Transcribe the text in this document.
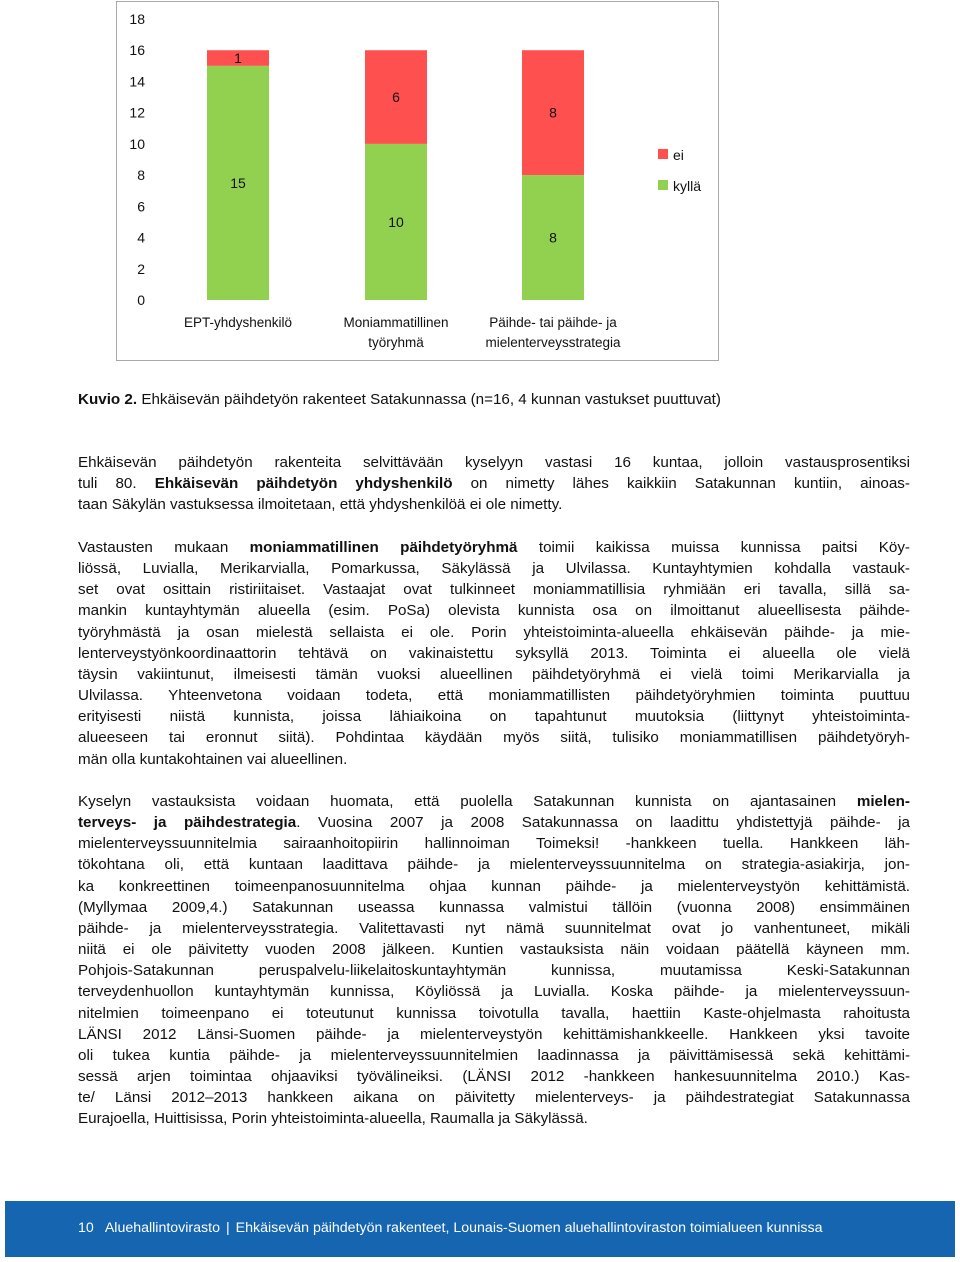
0
2
4
6
8
10
12
14
16
18
15
1
EPT-yhdyshenkilö
10
6
Moniammatillinen
työryhmä
8
8
Päihde- tai päihde- ja
mielenterveysstrategia
ei
kyllä
Kuvio 2. Ehkäisevän päihdetyön rakenteet Satakunnassa (n=16, 4 kunnan vastukset puuttuvat)
Ehkäisevän päihdetyön rakenteita selvittävään kyselyyn vastasi 16 kuntaa, jolloin vastausprosentiksi
tuli 80. Ehkäisevän päihdetyön yhdyshenkilö on nimetty lähes kaikkiin Satakunnan kuntiin, ainoas-
taan Säkylän vastuksessa ilmoitetaan, että yhdyshenkilöä ei ole nimetty.
Vastausten mukaan moniammatillinen päihdetyöryhmä toimii kaikissa muissa kunnissa paitsi Köy-
liössä, Luvialla, Merikarvialla, Pomarkussa, Säkylässä ja Ulvilassa. Kuntayhtymien kohdalla vastauk-
set ovat osittain ristiriitaiset. Vastaajat ovat tulkinneet moniammatillisia ryhmiään eri tavalla, sillä sa-
mankin kuntayhtymän alueella (esim. PoSa) olevista kunnista osa on ilmoittanut alueellisesta päihde-
työryhmästä ja osan mielestä sellaista ei ole. Porin yhteistoiminta-alueella ehkäisevän päihde- ja mie-
lenterveystyönkoordinaattorin tehtävä on vakinaistettu syksyllä 2013. Toiminta ei alueella ole vielä
täysin vakiintunut, ilmeisesti tämän vuoksi alueellinen päihdetyöryhmä ei vielä toimi Merikarvialla ja
Ulvilassa. Yhteenvetona voidaan todeta, että moniammatillisten päihdetyöryhmien toiminta puuttuu
erityisesti niistä kunnista, joissa lähiaikoina on tapahtunut muutoksia (liittynyt yhteistoiminta-
alueeseen tai eronnut siitä). Pohdintaa käydään myös siitä, tulisiko moniammatillisen päihdetyöryh-
män olla kuntakohtainen vai alueellinen.
Kyselyn vastauksista voidaan huomata, että puolella Satakunnan kunnista on ajantasainen mielen-
terveys- ja päihdestrategia. Vuosina 2007 ja 2008 Satakunnassa on laadittu yhdistettyjä päihde- ja
mielenterveyssuunnitelmia sairaanhoitopiirin hallinnoiman Toimeksi! -hankkeen tuella. Hankkeen läh-
tökohtana oli, että kuntaan laadittava päihde- ja mielenterveyssuunnitelma on strategia-asiakirja, jon-
ka konkreettinen toimeenpanosuunnitelma ohjaa kunnan päihde- ja mielenterveystyön kehittämistä.
(Myllymaa 2009,4.) Satakunnan useassa kunnassa valmistui tällöin (vuonna 2008) ensimmäinen
päihde- ja mielenterveysstrategia. Valitettavasti nyt nämä suunnitelmat ovat jo vanhentuneet, mikäli
niitä ei ole päivitetty vuoden 2008 jälkeen. Kuntien vastauksista näin voidaan päätellä käyneen mm.
Pohjois-Satakunnan peruspalvelu-liikelaitoskuntayhtymän kunnissa, muutamissa Keski-Satakunnan
terveydenhuollon kuntayhtymän kunnissa, Köyliössä ja Luvialla. Koska päihde- ja mielenterveyssuun-
nitelmien toimeenpano ei toteutunut kunnissa toivotulla tavalla, haettiin Kaste-ohjelmasta rahoitusta
LÄNSI 2012 Länsi-Suomen päihde- ja mielenterveystyön kehittämishankkeelle. Hankkeen yksi tavoite
oli tukea kuntia päihde- ja mielenterveyssuunnitelmien laadinnassa ja päivittämisessä sekä kehittämi-
sessä arjen toimintaa ohjaaviksi työvälineiksi. (LÄNSI 2012 -hankkeen hankesuunnitelma 2010.) Kas-
te/ Länsi 2012–2013 hankkeen aikana on päivitetty mielenterveys- ja päihdestrategiat Satakunnassa
Eurajoella, Huittisissa, Porin yhteistoiminta-alueella, Raumalla ja Säkylässä.
10 Aluehallintovirasto | Ehkäisevän päihdetyön rakenteet, Lounais-Suomen aluehallintoviraston toimialueen kunnissa
